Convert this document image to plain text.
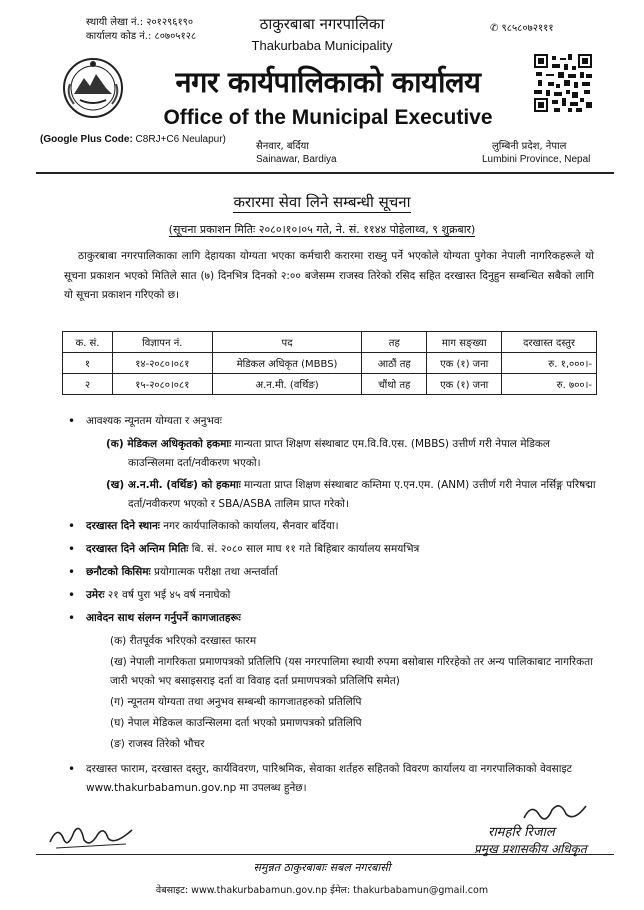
स्थायी लेखा नं.: २०१२९६१९०
कार्यालय कोड नं.: ८०७०५१२८
ठाकुरबाबा नगरपालिका
Thakurbaba Municipality
✆ ९८५८०७२१११
नगर कार्यपालिकाको कार्यालय
Office of the Municipal Executive
(Google Plus Code: C8RJ+C6 Neulapur)
सैनवार, बर्दिया
Sainawar, Bardiya
लुम्बिनी प्रदेश, नेपाल
Lumbini Province, Nepal
करारमा सेवा लिने सम्बन्धी सूचना
(सूचना प्रकाशन मितिः २०८०।१०।०५ गते, ने. सं. ११४४ पोहेलाथ्व, ९ शुक्रबार)
ठाकुरबाबा नगरपालिकाका लागि देहायका योग्यता भएका कर्मचारी करारमा राख्नु पर्ने भएकोले योग्यता पुगेका नेपाली नागरिकहरूले यो सूचना प्रकाशन भएको मितिले सात (७) दिनभित्र दिनको २:०० बजेसम्म राजस्व तिरेको रसिद सहित दरखास्त दिनुहुन सम्बन्धित सबैको लागि यो सूचना प्रकाशन गरिएको छ।
क. सं.	विज्ञापन नं.	पद	तह	माग सङ्ख्या	दरखास्त दस्तुर
१	१४-२०८०।०८१	मेडिकल अधिकृत (MBBS)	आठौं तह	एक (१) जना	रु. १,०००।-
२	१५-२०८०।०८१	अ.न.मी. (वर्थिङ)	चौंथो तह	एक (१) जना	रु. ७००।-
• आवश्यक न्यूनतम योग्यता र अनुभवः
(क) मेडिकल अधिकृतको हकमाः मान्यता प्राप्त शिक्षण संस्थाबाट एम.वि.वि.एस. (MBBS) उत्तीर्ण गरी नेपाल मेडिकल काउन्सिलमा दर्ता/नवीकरण भएको।
(ख) अ.न.मी. (वर्थिङ) को हकमाः मान्यता प्राप्त शिक्षण संस्थाबाट कम्तिमा ए.एन.एम. (ANM) उत्तीर्ण गरी नेपाल नर्सिङ्ग परिषद्मा दर्ता/नवीकरण भएको र SBA/ASBA तालिम प्राप्त गरेको।
• दरखास्त दिने स्थानः नगर कार्यपालिकाको कार्यालय, सैनवार बर्दिया।
• दरखास्त दिने अन्तिम मितिः बि. सं. २०८० साल माघ ११ गते बिहिबार कार्यालय समयभित्र
• छनौटको किसिमः प्रयोगात्मक परीक्षा तथा अन्तर्वार्ता
• उमेरः २१ वर्ष पुरा भई ४५ वर्ष ननाघेको
• आवेदन साथ संलग्न गर्नुपर्ने कागजातहरूः
(क) रीतपूर्वक भरिएको दरखास्त फारम
(ख) नेपाली नागरिकता प्रमाणपत्रको प्रतिलिपि (यस नगरपालिमा स्थायी रुपमा बसोबास गरिरहेको तर अन्य पालिकाबाट नागरिकता जारी भएको भए बसाइसराइ दर्ता वा विवाह दर्ता प्रमाणपत्रको प्रतिलिपि समेत)
(ग) न्यूनतम योग्यता तथा अनुभव सम्बन्धी कागजातहरुको प्रतिलिपि
(घ) नेपाल मेडिकल काउन्सिलमा दर्ता भएको प्रमाणपत्रको प्रतिलिपि
(ङ) राजस्व तिरेको भौचर
• दरखास्त फाराम, दरखास्त दस्तुर, कार्यविवरण, पारिश्रमिक, सेवाका शर्तहरु सहितको विवरण कार्यालय वा नगरपालिकाको वेवसाइट www.thakurbabamun.gov.np मा उपलब्ध हुनेछ।
रामहरि रिजाल
प्रमुख प्रशासकीय अधिकृत
समुन्नत ठाकुरबाबाः सबल नगरबासी
वेबसाइट: www.thakurbabamun.gov.np ईमेल: thakurbabamun@gmail.com
